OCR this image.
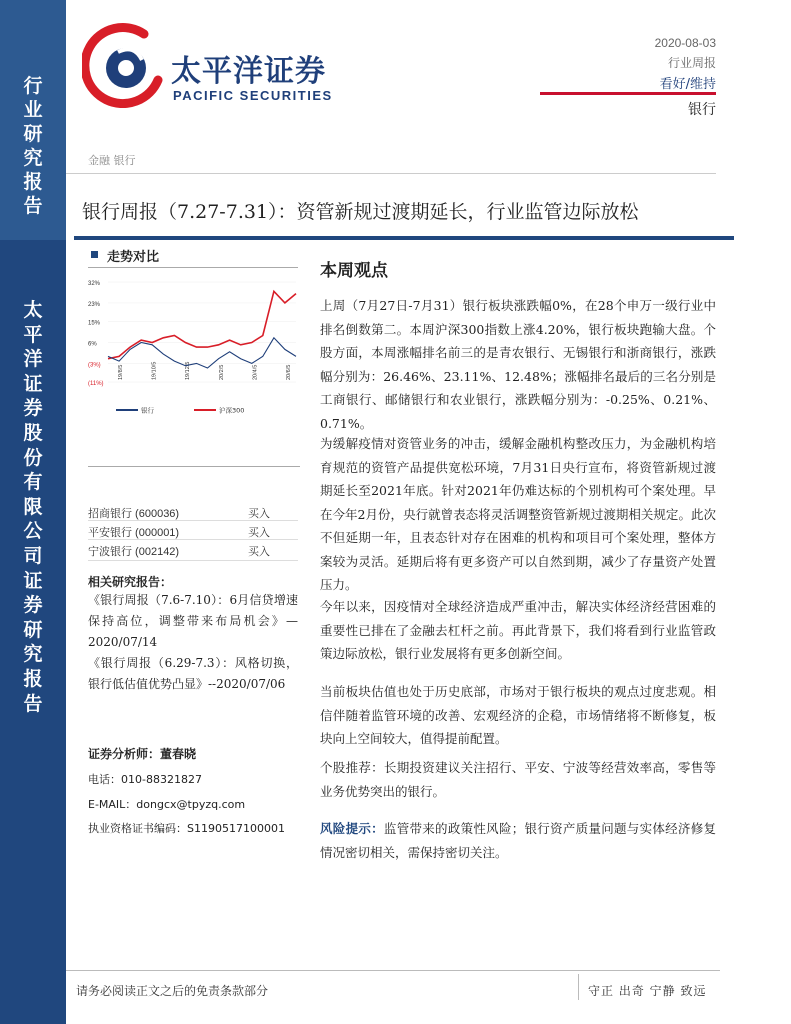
行
业
研
究
报
告
太
平
洋
证
券
股
份
有
限
公
司
证
券
研
究
报
告
太平洋证券
PACIFIC SECURITIES
2020-08-03
行业周报
看好/维持
银行
金融 银行
银行周报（7.27-7.31）：资管新规过渡期延长，行业监管边际放松
走势对比
32%
23%
15%
6%
(3%)
(11%)
19/8/5	19/10/5	19/12/5	20/2/5	20/4/5	20/6/5
银行	沪深300
招商银行 (600036)	买入
平安银行 (000001)	买入
宁波银行 (002142)	买入
相关研究报告：
《银行周报（7.6-7.10）：6月信贷增速保持高位，调整带来布局机会》—2020/07/14
《银行周报（6.29-7.3）：风格切换，银行低估值优势凸显》--2020/07/06
证券分析师：董春晓
电话：010-88321827
E-MAIL：dongcx@tpyzq.com
执业资格证书编码：S1190517100001
本周观点
上周（7月27日-7月31）银行板块涨跌幅0%，在28个申万一级行业中排名倒数第二。本周沪深300指数上涨4.20%，银行板块跑输大盘。个股方面，本周涨幅排名前三的是青农银行、无锡银行和浙商银行，涨跌幅分别为：26.46%、23.11%、12.48%；涨幅排名最后的三名分别是工商银行、邮储银行和农业银行，涨跌幅分别为：-0.25%、0.21%、0.71%。
为缓解疫情对资管业务的冲击，缓解金融机构整改压力，为金融机构培育规范的资管产品提供宽松环境，7月31日央行宣布，将资管新规过渡期延长至2021年底。针对2021年仍难达标的个别机构可个案处理。早在今年2月份，央行就曾表态将灵活调整资管新规过渡期相关规定。此次不但延期一年，且表态针对存在困难的机构和项目可个案处理，整体方案较为灵活。延期后将有更多资产可以自然到期，减少了存量资产处置压力。
今年以来，因疫情对全球经济造成严重冲击，解决实体经济经营困难的重要性已排在了金融去杠杆之前。再此背景下，我们将看到行业监管政策边际放松，银行业发展将有更多创新空间。
当前板块估值也处于历史底部，市场对于银行板块的观点过度悲观。相信伴随着监管环境的改善、宏观经济的企稳，市场情绪将不断修复，板块向上空间较大，值得提前配置。
个股推荐：长期投资建议关注招行、平安、宁波等经营效率高，零售等业务优势突出的银行。
风险提示：监管带来的政策性风险；银行资产质量问题与实体经济修复情况密切相关，需保持密切关注。
请务必阅读正文之后的免责条款部分	守正 出奇 宁静 致远
